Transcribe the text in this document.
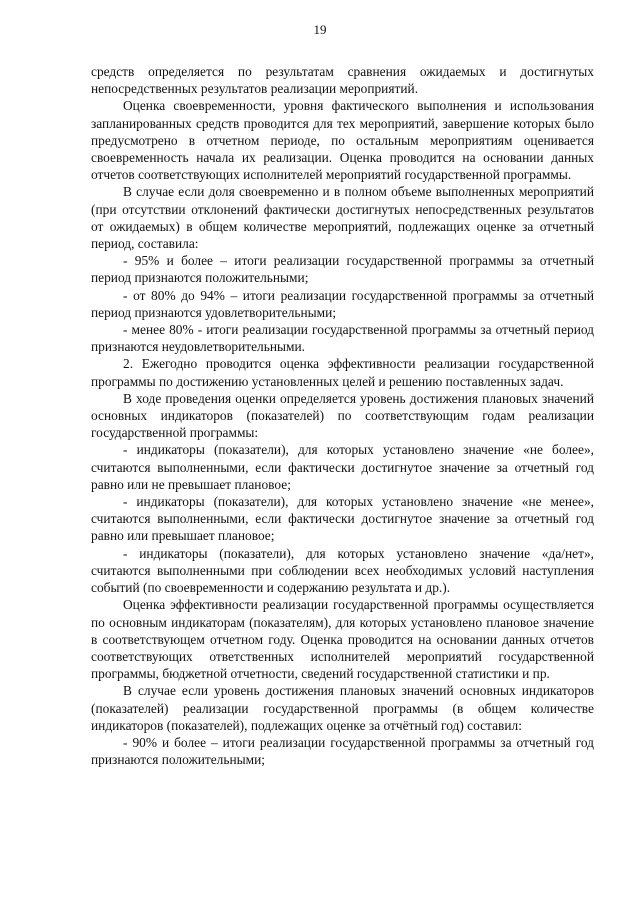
19

средств определяется по результатам сравнения ожидаемых и достигнутых непосредственных результатов реализации мероприятий.

Оценка своевременности, уровня фактического выполнения и использования запланированных средств проводится для тех мероприятий, завершение которых было предусмотрено в отчетном периоде, по остальным мероприятиям оценивается своевременность начала их реализации. Оценка проводится на основании данных отчетов соответствующих исполнителей мероприятий государственной программы.

В случае если доля своевременно и в полном объеме выполненных мероприятий (при отсутствии отклонений фактически достигнутых непосредственных результатов от ожидаемых) в общем количестве мероприятий, подлежащих оценке за отчетный период, составила:

- 95% и более – итоги реализации государственной программы за отчетный период признаются положительными;

- от 80% до 94% – итоги реализации государственной программы за отчетный период признаются удовлетворительными;

- менее 80% - итоги реализации государственной программы за отчетный период признаются неудовлетворительными.

2. Ежегодно проводится оценка эффективности реализации государственной программы по достижению установленных целей и решению поставленных задач.

В ходе проведения оценки определяется уровень достижения плановых значений основных индикаторов (показателей) по соответствующим годам реализации государственной программы:

- индикаторы (показатели), для которых установлено значение «не более», считаются выполненными, если фактически достигнутое значение за отчетный год равно или не превышает плановое;

- индикаторы (показатели), для которых установлено значение «не менее», считаются выполненными, если фактически достигнутое значение за отчетный год равно или превышает плановое;

- индикаторы (показатели), для которых установлено значение «да/нет», считаются выполненными при соблюдении всех необходимых условий наступления событий (по своевременности и содержанию результата и др.).

Оценка эффективности реализации государственной программы осуществляется по основным индикаторам (показателям), для которых установлено плановое значение в соответствующем отчетном году. Оценка проводится на основании данных отчетов соответствующих ответственных исполнителей мероприятий государственной программы, бюджетной отчетности, сведений государственной статистики и пр.

В случае если уровень достижения плановых значений основных индикаторов (показателей) реализации государственной программы (в общем количестве индикаторов (показателей), подлежащих оценке за отчётный год) составил:

- 90% и более – итоги реализации государственной программы за отчетный год признаются положительными;
